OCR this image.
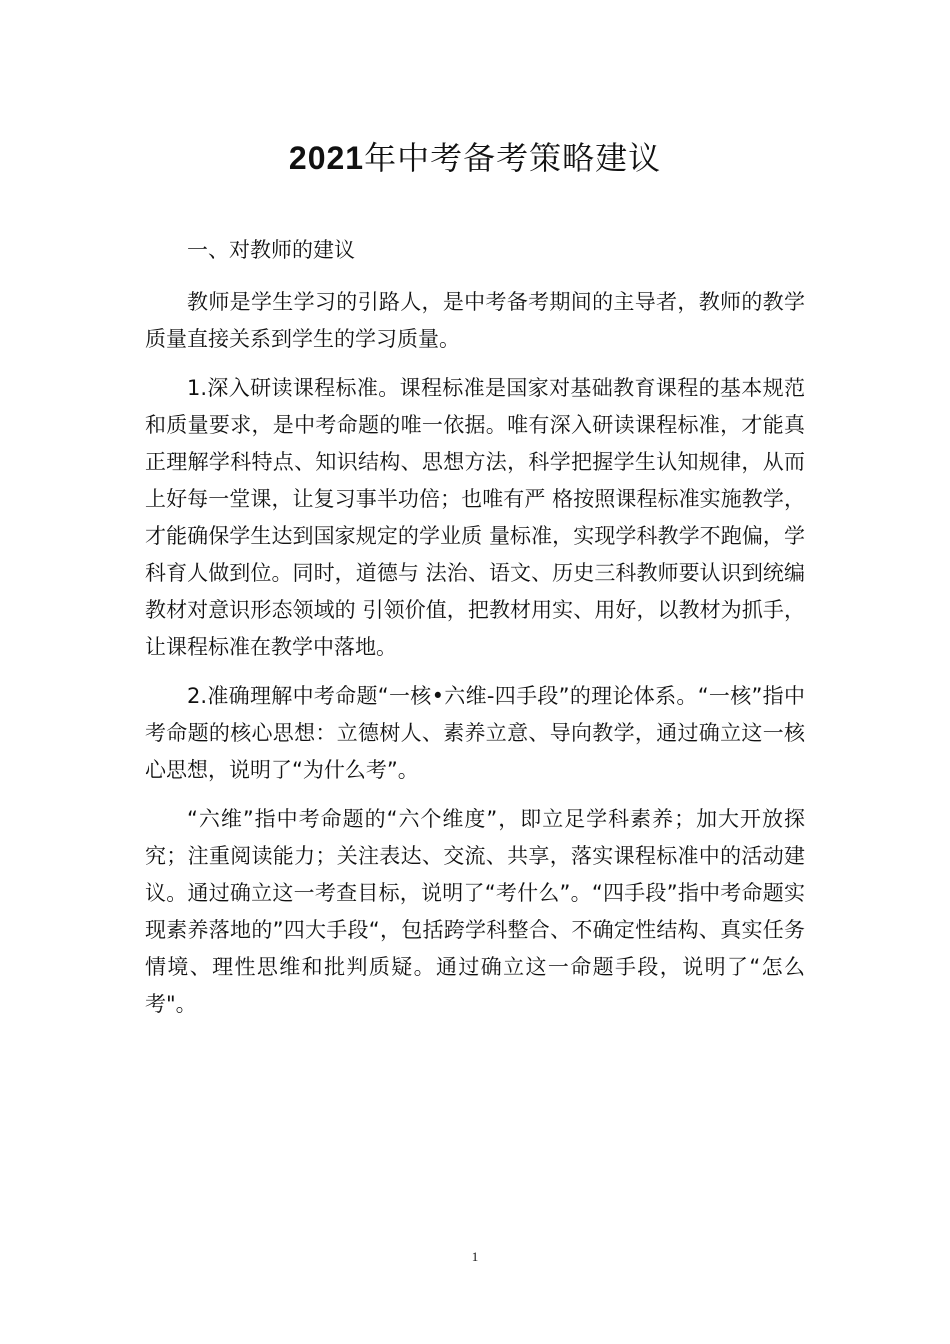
2021年中考备考策略建议

一、对教师的建议

教师是学生学习的引路人，是中考备考期间的主导者，教师的教学质量直接关系到学生的学习质量。

1.深入研读课程标准。课程标准是国家对基础教育课程的基本规范和质量要求，是中考命题的唯一依据。唯有深入研读课程标准，才能真正理解学科特点、知识结构、思想方法，科学把握学生认知规律，从而上好每一堂课，让复习事半功倍；也唯有严 格按照课程标准实施教学，才能确保学生达到国家规定的学业质 量标准，实现学科教学不跑偏，学科育人做到位。同时，道德与 法治、语文、历史三科教师要认识到统编教材对意识形态领域的 引领价值，把教材用实、用好，以教材为抓手，让课程标准在教学中落地。

2.准确理解中考命题“一核•六维-四手段”的理论体系。“一核”指中考命题的核心思想：立德树人、素养立意、导向教学，通过确立这一核心思想，说明了“为什么考”。

“六维”指中考命题的“六个维度”，即立足学科素养；加大开放探究；注重阅读能力；关注表达、交流、共享，落实课程标准中的活动建议。通过确立这一考查目标，说明了“考什么”。“四手段”指中考命题实现素养落地的”四大手段“，包括跨学科整合、不确定性结构、真实任务情境、理性思维和批判质疑。通过确立这一命题手段，说明了“怎么考"。

1
